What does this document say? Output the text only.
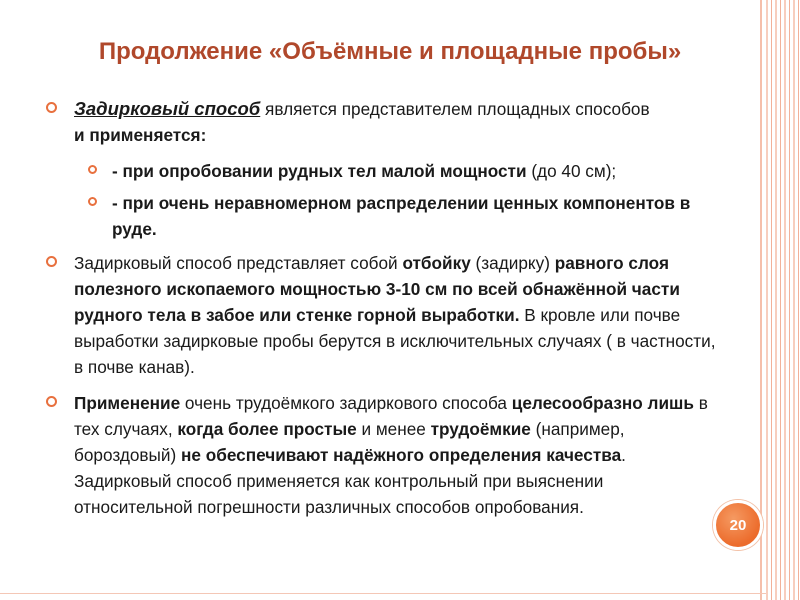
Продолжение «Объёмные и площадные пробы»
Задирковый способ является представителем площадных способов
и применяется:
- при опробовании рудных тел малой мощности (до 40 см);
- при очень неравномерном распределении ценных компонентов в руде.
Задирковый способ представляет собой отбойку (задирку) равного слоя полезного ископаемого мощностью 3-10 см по всей обнажённой части рудного тела в забое или стенке горной выработки. В кровле или почве выработки задирковые пробы берутся в исключительных случаях ( в частности, в почве канав).
Применение очень трудоёмкого задиркового способа целесообразно лишь в тех случаях, когда более простые и менее трудоёмкие (например, бороздовый) не обеспечивают надёжного определения качества. Задирковый способ применяется как контрольный при выяснении относительной погрешности различных способов опробования.
20
